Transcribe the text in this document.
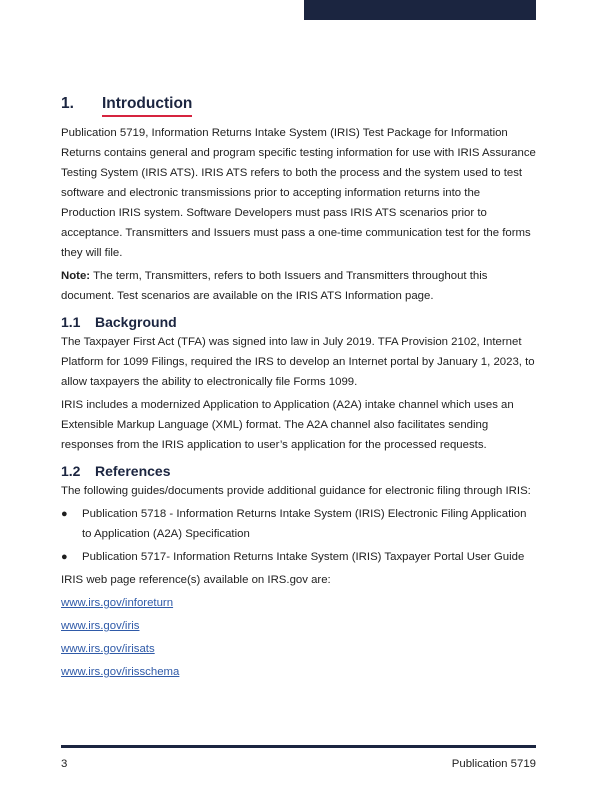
1.	Introduction

Publication 5719, Information Returns Intake System (IRIS) Test Package for Information Returns contains general and program specific testing information for use with IRIS Assurance Testing System (IRIS ATS). IRIS ATS refers to both the process and the system used to test software and electronic transmissions prior to accepting information returns into the Production IRIS system. Software Developers must pass IRIS ATS scenarios prior to acceptance. Transmitters and Issuers must pass a one-time communication test for the forms they will file.

Note: The term, Transmitters, refers to both Issuers and Transmitters throughout this document. Test scenarios are available on the IRIS ATS Information page.

1.1	Background

The Taxpayer First Act (TFA) was signed into law in July 2019. TFA Provision 2102, Internet Platform for 1099 Filings, required the IRS to develop an Internet portal by January 1, 2023, to allow taxpayers the ability to electronically file Forms 1099.

IRIS includes a modernized Application to Application (A2A) intake channel which uses an Extensible Markup Language (XML) format. The A2A channel also facilitates sending responses from the IRIS application to user’s application for the processed requests.

1.2	References

The following guides/documents provide additional guidance for electronic filing through IRIS:

●	Publication 5718 - Information Returns Intake System (IRIS) Electronic Filing Application to Application (A2A) Specification
●	Publication 5717- Information Returns Intake System (IRIS) Taxpayer Portal User Guide

IRIS web page reference(s) available on IRS.gov are:

www.irs.gov/inforeturn
www.irs.gov/iris
www.irs.gov/irisats
www.irs.gov/irisschema
3	Publication 5719
